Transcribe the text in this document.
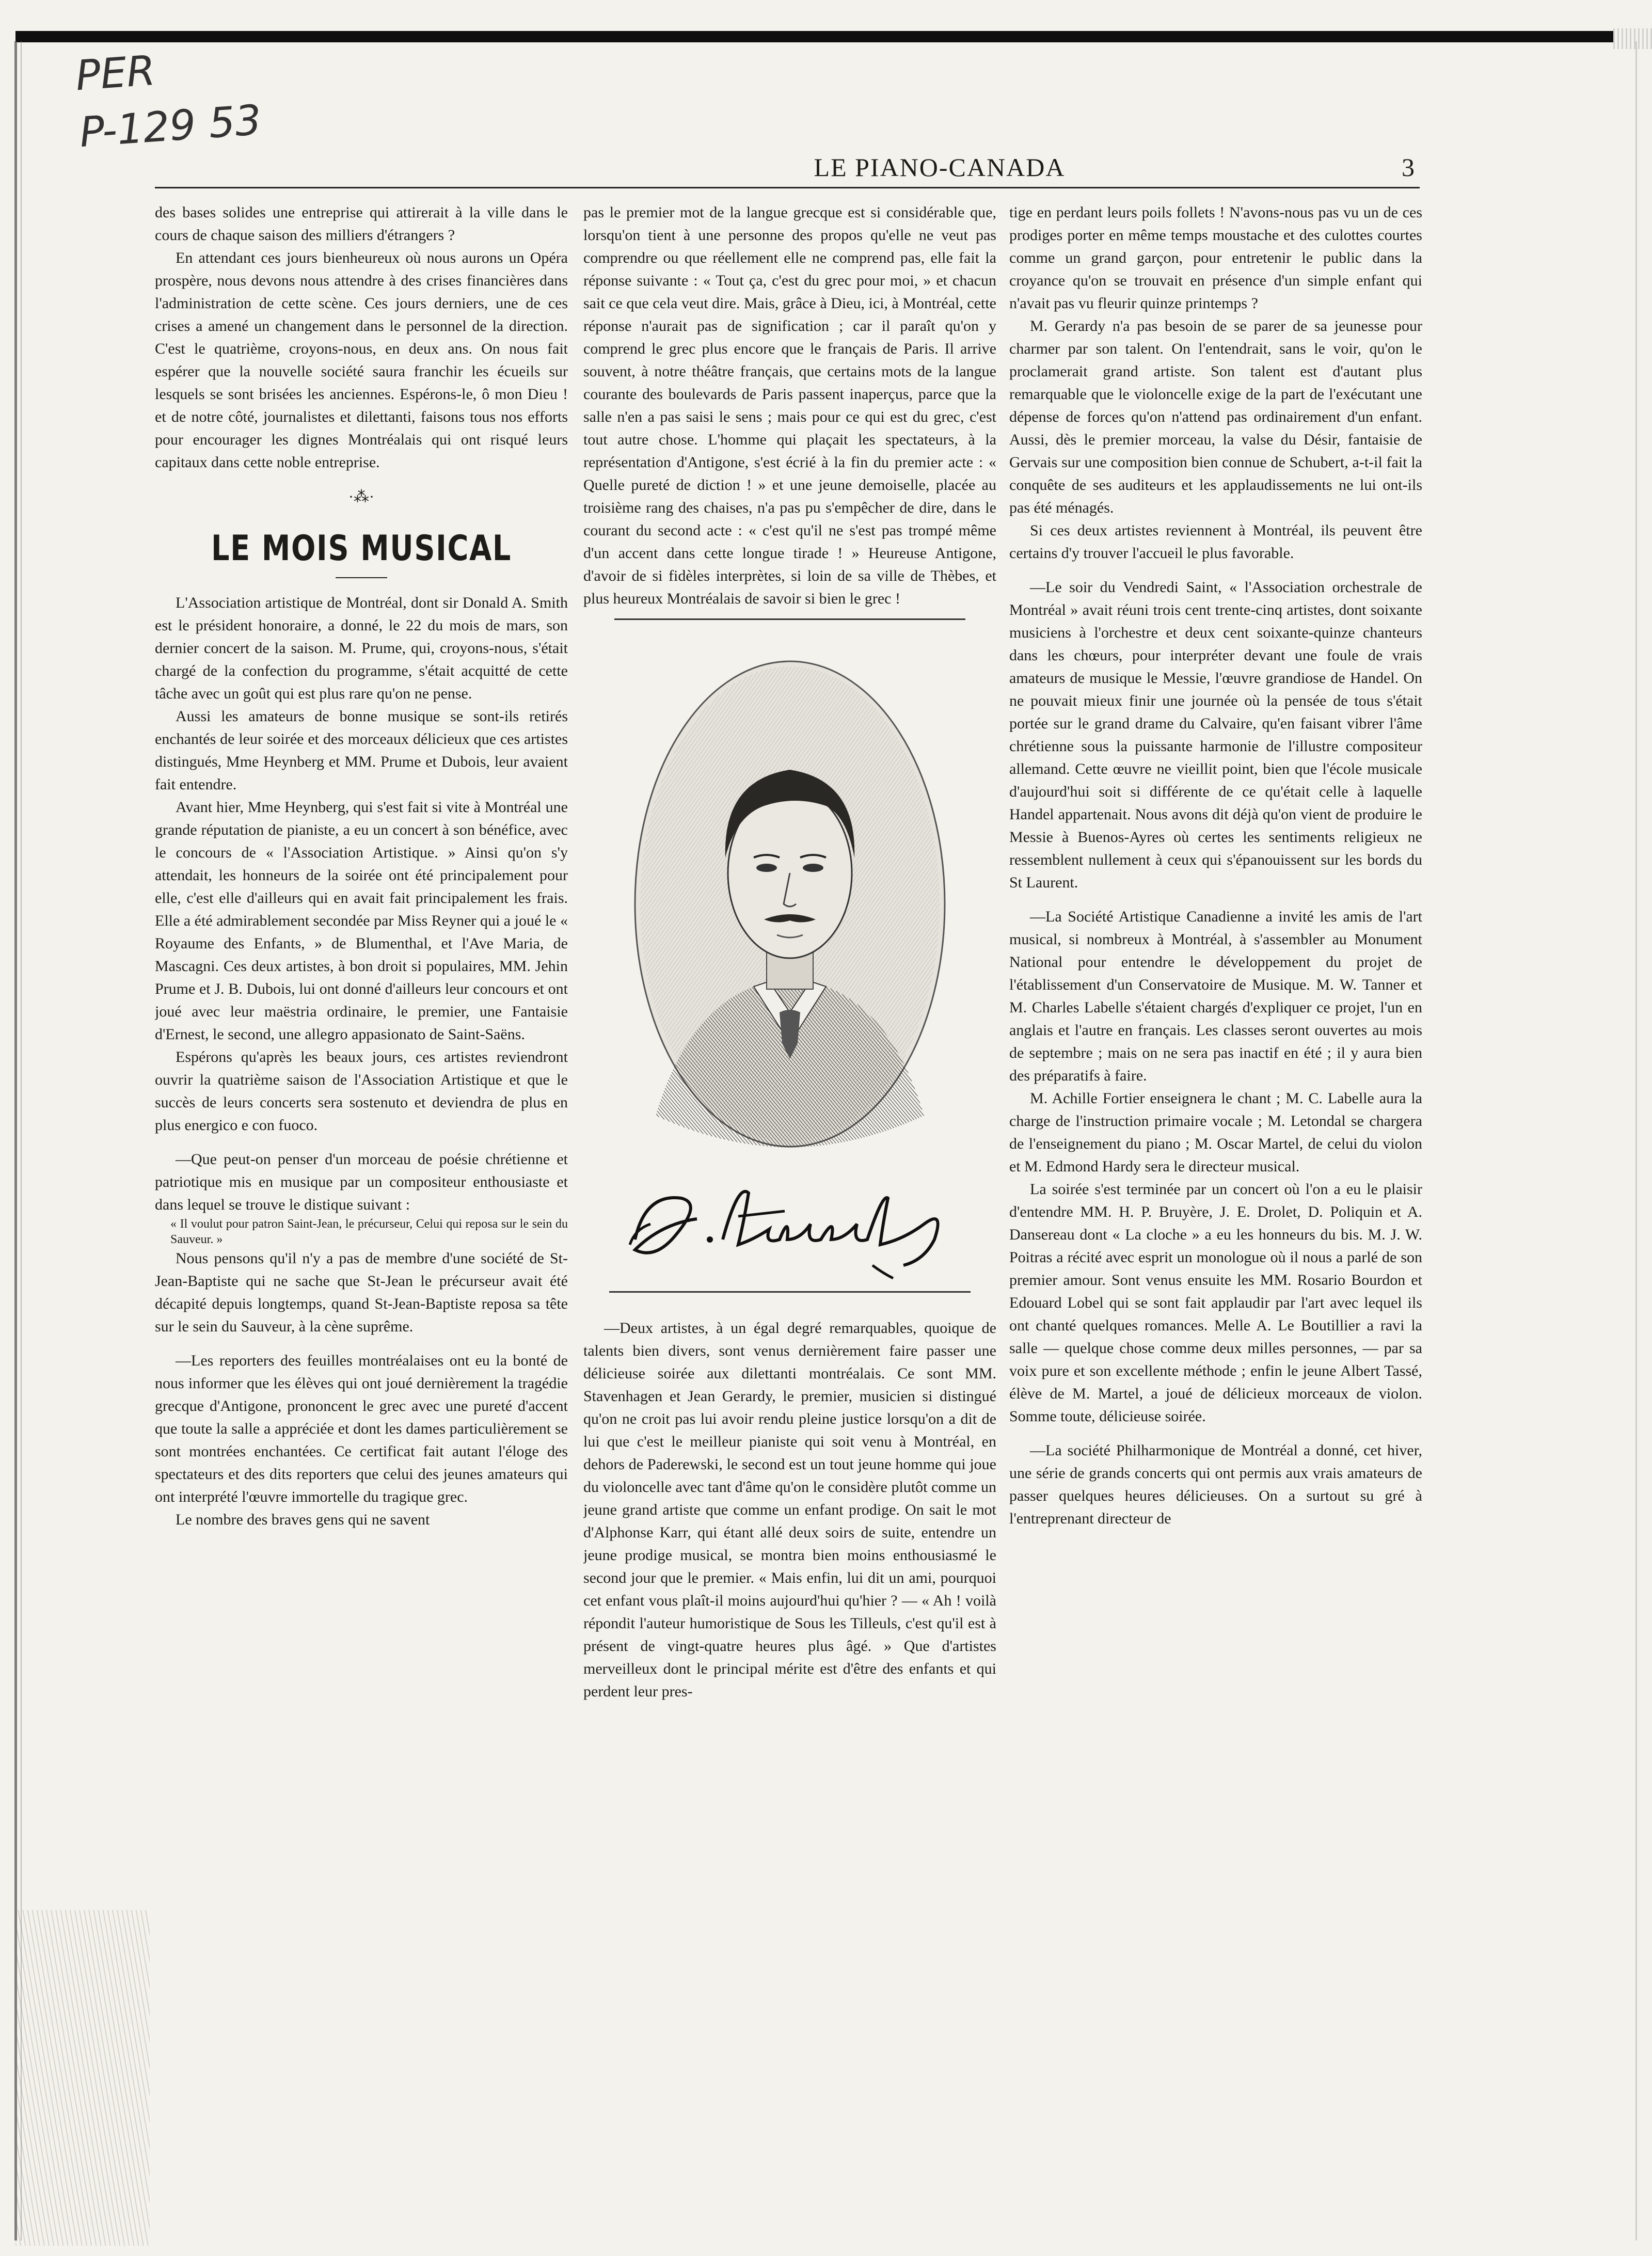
PER
P-129 53
LE PIANO-CANADA	3

des bases solides une entreprise qui attirerait à la ville dans le cours de chaque saison des milliers d'étrangers ?

En attendant ces jours bienheureux où nous aurons un Opéra prospère, nous devons nous attendre à des crises financières dans l'administration de cette scène. Ces jours derniers, une de ces crises a amené un changement dans le personnel de la direction. C'est le quatrième, croyons-nous, en deux ans. On nous fait espérer que la nouvelle société saura franchir les écueils sur lesquels se sont brisées les anciennes. Espérons-le, ô mon Dieu ! et de notre côté, journalistes et dilettanti, faisons tous nos efforts pour encourager les dignes Montréalais qui ont risqué leurs capitaux dans cette noble entreprise.

·⁂·
LE MOIS MUSICAL

L'Association artistique de Montréal, dont sir Donald A. Smith est le président honoraire, a donné, le 22 du mois de mars, son dernier concert de la saison. M. Prume, qui, croyons-nous, s'était chargé de la confection du programme, s'était acquitté de cette tâche avec un goût qui est plus rare qu'on ne pense.

Aussi les amateurs de bonne musique se sont-ils retirés enchantés de leur soirée et des morceaux délicieux que ces artistes distingués, Mme Heynberg et MM. Prume et Dubois, leur avaient fait entendre.

Avant hier, Mme Heynberg, qui s'est fait si vite à Montréal une grande réputation de pianiste, a eu un concert à son bénéfice, avec le concours de « l'Association Artistique. » Ainsi qu'on s'y attendait, les honneurs de la soirée ont été principalement pour elle, c'est elle d'ailleurs qui en avait fait principalement les frais. Elle a été admirablement secondée par Miss Reyner qui a joué le « Royaume des Enfants, » de Blumenthal, et l'Ave Maria, de Mascagni. Ces deux artistes, à bon droit si populaires, MM. Jehin Prume et J. B. Dubois, lui ont donné d'ailleurs leur concours et ont joué avec leur maëstria ordinaire, le premier, une Fantaisie d'Ernest, le second, une allegro appasionato de Saint-Saëns.

Espérons qu'après les beaux jours, ces artistes reviendront ouvrir la quatrième saison de l'Association Artistique et que le succès de leurs concerts sera sostenuto et deviendra de plus en plus energico e con fuoco.

—Que peut-on penser d'un morceau de poésie chrétienne et patriotique mis en musique par un compositeur enthousiaste et dans lequel se trouve le distique suivant :

« Il voulut pour patron Saint-Jean, le précurseur, Celui qui reposa sur le sein du Sauveur. »

Nous pensons qu'il n'y a pas de membre d'une société de St-Jean-Baptiste qui ne sache que St-Jean le précurseur avait été décapité depuis longtemps, quand St-Jean-Baptiste reposa sa tête sur le sein du Sauveur, à la cène suprême.

—Les reporters des feuilles montréalaises ont eu la bonté de nous informer que les élèves qui ont joué dernièrement la tragédie grecque d'Antigone, prononcent le grec avec une pureté d'accent que toute la salle a appréciée et dont les dames particulièrement se sont montrées enchantées. Ce certificat fait autant l'éloge des spectateurs et des dits reporters que celui des jeunes amateurs qui ont interprété l'œuvre immortelle du tragique grec.

Le nombre des braves gens qui ne savent

pas le premier mot de la langue grecque est si considérable que, lorsqu'on tient à une personne des propos qu'elle ne veut pas comprendre ou que réellement elle ne comprend pas, elle fait la réponse suivante : « Tout ça, c'est du grec pour moi, » et chacun sait ce que cela veut dire. Mais, grâce à Dieu, ici, à Montréal, cette réponse n'aurait pas de signification ; car il paraît qu'on y comprend le grec plus encore que le français de Paris. Il arrive souvent, à notre théâtre français, que certains mots de la langue courante des boulevards de Paris passent inaperçus, parce que la salle n'en a pas saisi le sens ; mais pour ce qui est du grec, c'est tout autre chose. L'homme qui plaçait les spectateurs, à la représentation d'Antigone, s'est écrié à la fin du premier acte : « Quelle pureté de diction ! » et une jeune demoiselle, placée au troisième rang des chaises, n'a pas pu s'empêcher de dire, dans le courant du second acte : « c'est qu'il ne s'est pas trompé même d'un accent dans cette longue tirade ! » Heureuse Antigone, d'avoir de si fidèles interprètes, si loin de sa ville de Thèbes, et plus heureux Montréalais de savoir si bien le grec !

—Deux artistes, à un égal degré remarquables, quoique de talents bien divers, sont venus dernièrement faire passer une délicieuse soirée aux dilettanti montréalais. Ce sont MM. Stavenhagen et Jean Gerardy, le premier, musicien si distingué qu'on ne croit pas lui avoir rendu pleine justice lorsqu'on a dit de lui que c'est le meilleur pianiste qui soit venu à Montréal, en dehors de Paderewski, le second est un tout jeune homme qui joue du violoncelle avec tant d'âme qu'on le considère plutôt comme un jeune grand artiste que comme un enfant prodige. On sait le mot d'Alphonse Karr, qui étant allé deux soirs de suite, entendre un jeune prodige musical, se montra bien moins enthousiasmé le second jour que le premier. « Mais enfin, lui dit un ami, pourquoi cet enfant vous plaît-il moins aujourd'hui qu'hier ? — « Ah ! voilà répondit l'auteur humoristique de Sous les Tilleuls, c'est qu'il est à présent de vingt-quatre heures plus âgé. » Que d'artistes merveilleux dont le principal mérite est d'être des enfants et qui perdent leur pres-

tige en perdant leurs poils follets ! N'avons-nous pas vu un de ces prodiges porter en même temps moustache et des culottes courtes comme un grand garçon, pour entretenir le public dans la croyance qu'on se trouvait en présence d'un simple enfant qui n'avait pas vu fleurir quinze printemps ?

M. Gerardy n'a pas besoin de se parer de sa jeunesse pour charmer par son talent. On l'entendrait, sans le voir, qu'on le proclamerait grand artiste. Son talent est d'autant plus remarquable que le violoncelle exige de la part de l'exécutant une dépense de forces qu'on n'attend pas ordinairement d'un enfant. Aussi, dès le premier morceau, la valse du Désir, fantaisie de Gervais sur une composition bien connue de Schubert, a-t-il fait la conquête de ses auditeurs et les applaudissements ne lui ont-ils pas été ménagés.

Si ces deux artistes reviennent à Montréal, ils peuvent être certains d'y trouver l'accueil le plus favorable.

—Le soir du Vendredi Saint, « l'Association orchestrale de Montréal » avait réuni trois cent trente-cinq artistes, dont soixante musiciens à l'orchestre et deux cent soixante-quinze chanteurs dans les chœurs, pour interpréter devant une foule de vrais amateurs de musique le Messie, l'œuvre grandiose de Handel. On ne pouvait mieux finir une journée où la pensée de tous s'était portée sur le grand drame du Calvaire, qu'en faisant vibrer l'âme chrétienne sous la puissante harmonie de l'illustre compositeur allemand. Cette œuvre ne vieillit point, bien que l'école musicale d'aujourd'hui soit si différente de ce qu'était celle à laquelle Handel appartenait. Nous avons dit déjà qu'on vient de produire le Messie à Buenos-Ayres où certes les sentiments religieux ne ressemblent nullement à ceux qui s'épanouissent sur les bords du St Laurent.

—La Société Artistique Canadienne a invité les amis de l'art musical, si nombreux à Montréal, à s'assembler au Monument National pour entendre le développement du projet de l'établissement d'un Conservatoire de Musique. M. W. Tanner et M. Charles Labelle s'étaient chargés d'expliquer ce projet, l'un en anglais et l'autre en français. Les classes seront ouvertes au mois de septembre ; mais on ne sera pas inactif en été ; il y aura bien des préparatifs à faire.

M. Achille Fortier enseignera le chant ; M. C. Labelle aura la charge de l'instruction primaire vocale ; M. Letondal se chargera de l'enseignement du piano ; M. Oscar Martel, de celui du violon et M. Edmond Hardy sera le directeur musical.

La soirée s'est terminée par un concert où l'on a eu le plaisir d'entendre MM. H. P. Bruyère, J. E. Drolet, D. Poliquin et A. Dansereau dont « La cloche » a eu les honneurs du bis. M. J. W. Poitras a récité avec esprit un monologue où il nous a parlé de son premier amour. Sont venus ensuite les MM. Rosario Bourdon et Edouard Lobel qui se sont fait applaudir par l'art avec lequel ils ont chanté quelques romances. Melle A. Le Boutillier a ravi la salle — quelque chose comme deux milles personnes, — par sa voix pure et son excellente méthode ; enfin le jeune Albert Tassé, élève de M. Martel, a joué de délicieux morceaux de violon. Somme toute, délicieuse soirée.

—La société Philharmonique de Montréal a donné, cet hiver, une série de grands concerts qui ont permis aux vrais amateurs de passer quelques heures délicieuses. On a surtout su gré à l'entreprenant directeur de
